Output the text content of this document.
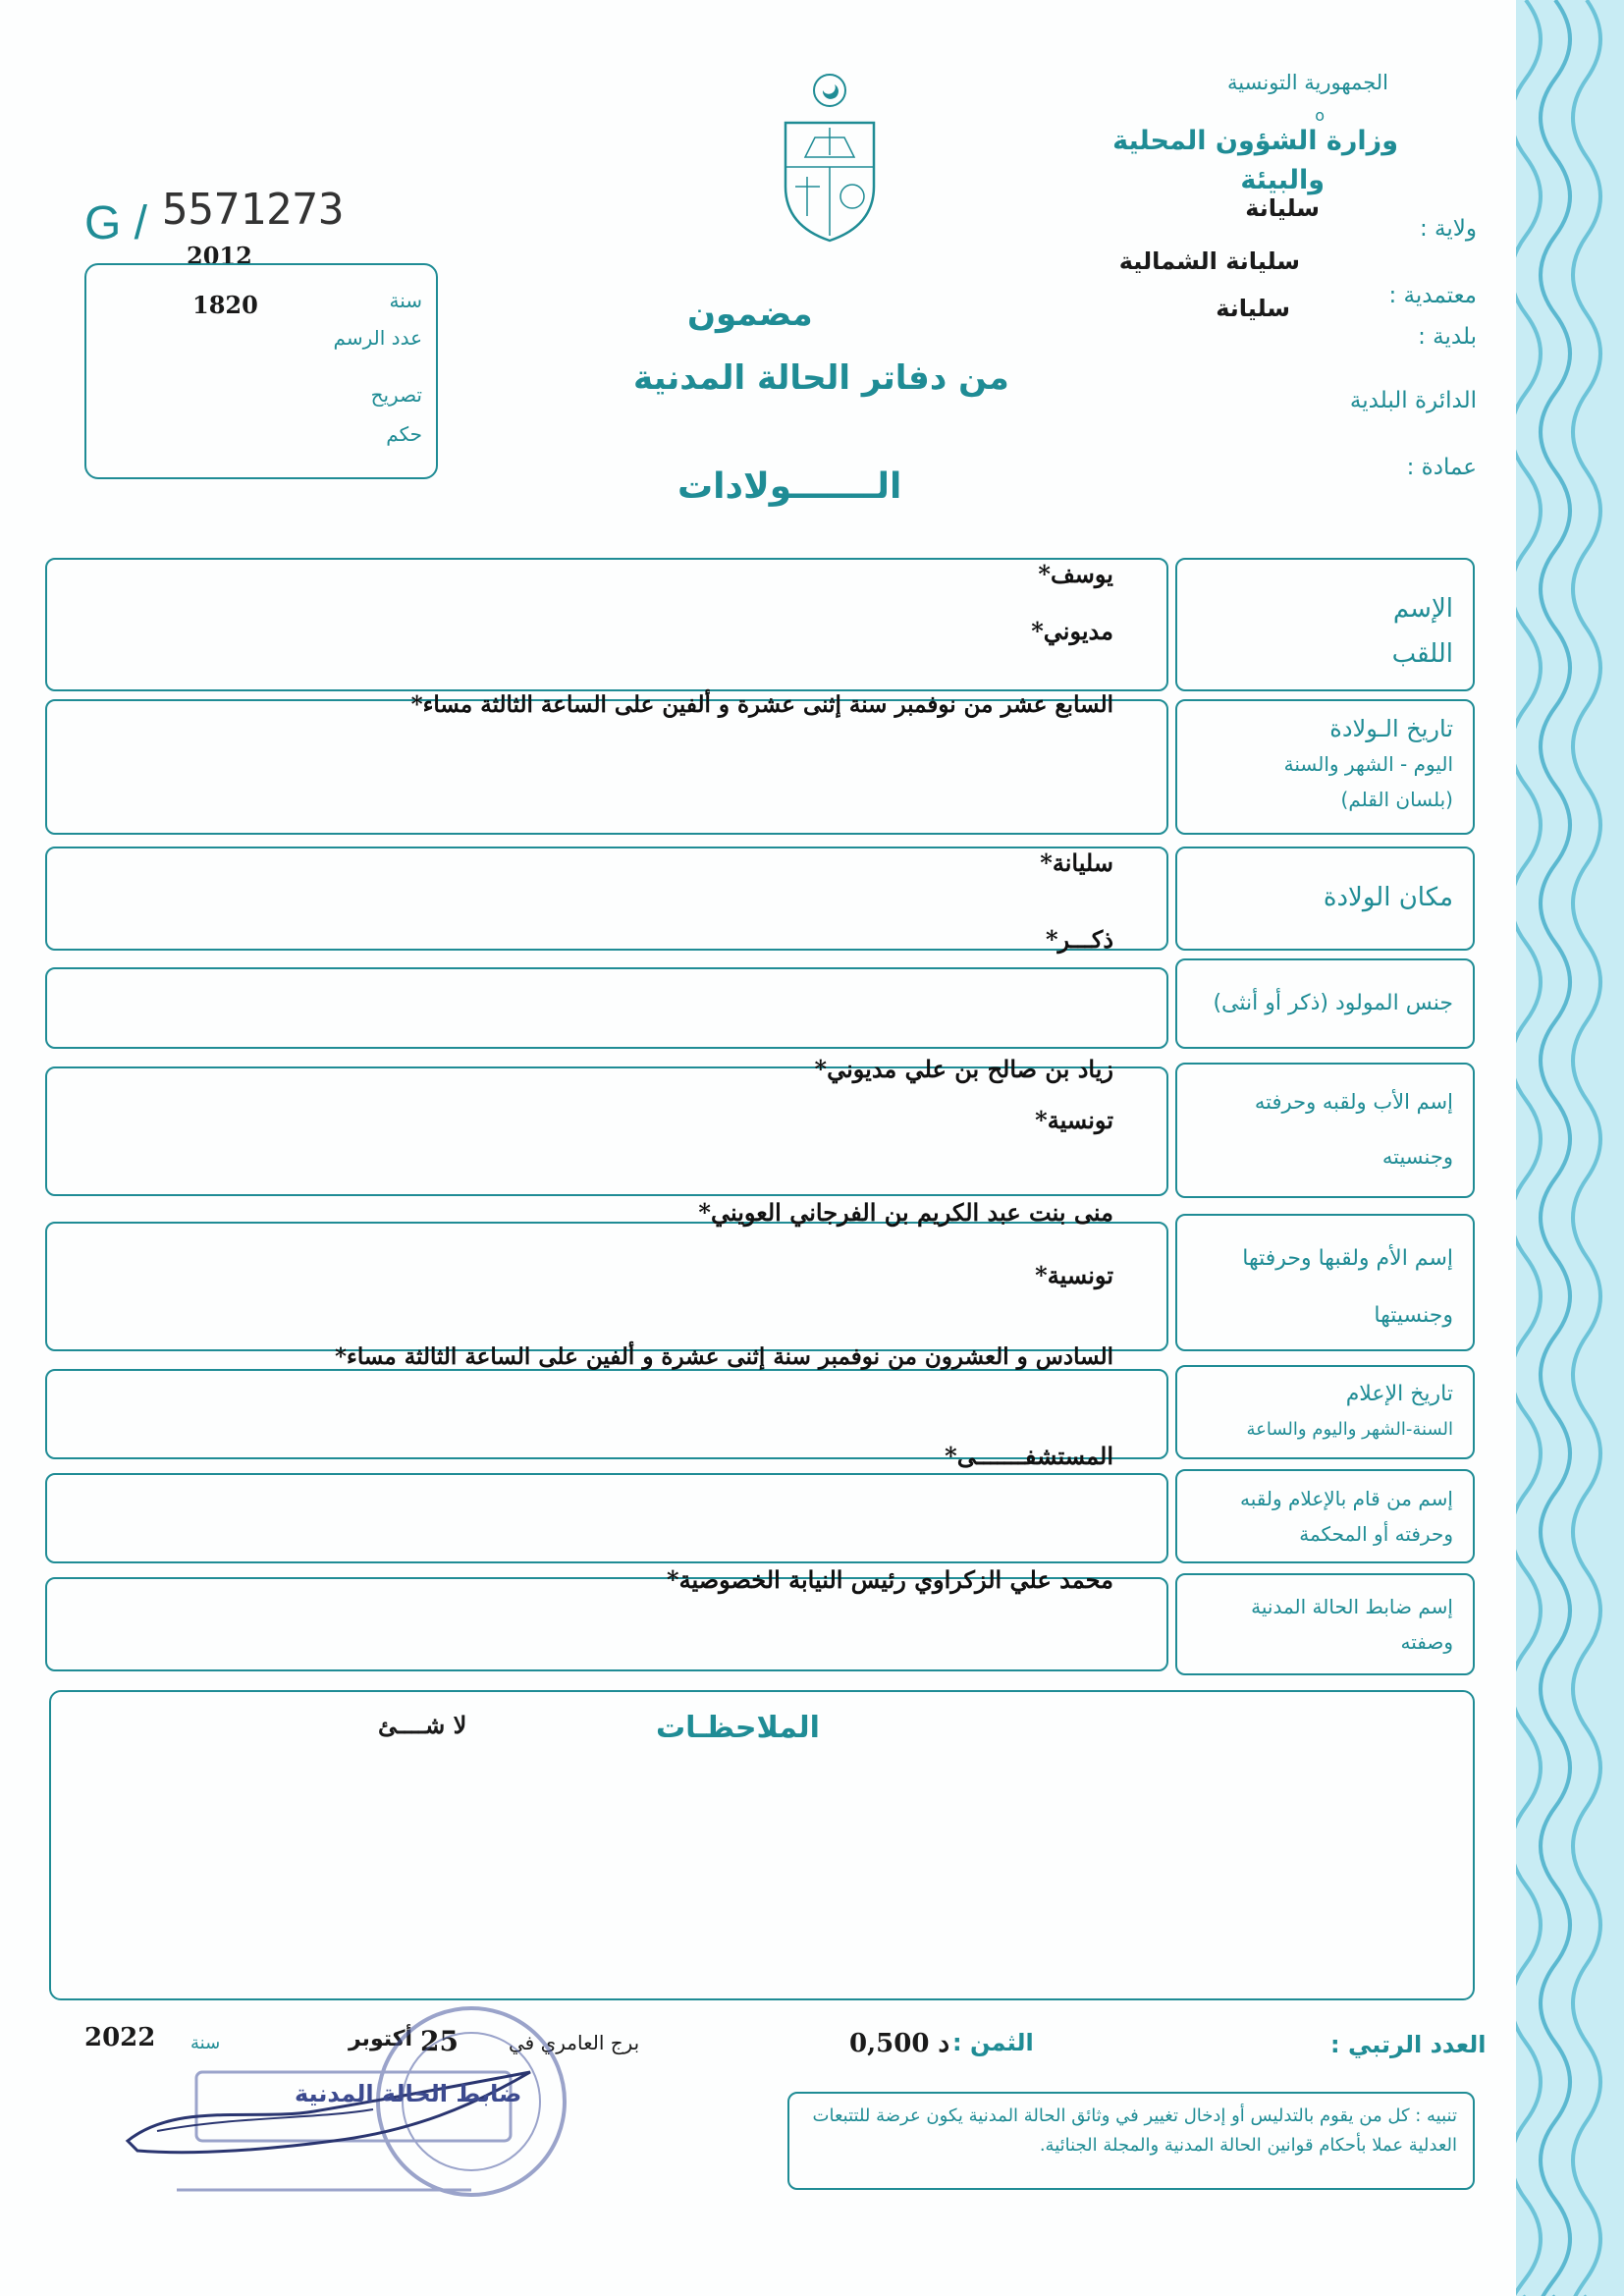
الجمهورية التونسية
o
وزارة الشؤون المحلية
والبيئة
ولاية :
سليانة
سليانة الشمالية
معتمدية :
سليانة
بلدية :
الدائرة البلدية
عمادة :
مضمون
من دفاتر الحالة المدنية
الـــــــولادات
G / 5571273
2012
سنة
1820
عدد الرسم
تصريح
حكم
الإسم
اللقب
يوسف*
مديوني*
تاريخ الـولادة
اليوم - الشهر والسنة
(بلسان القلم)
السابع عشر من نوفمبر سنة إثنى عشرة و ألفين على الساعة الثالثة مساء*
مكان الولادة
سليانة*
جنس المولود (ذكر أو أنثى)
ذكـــر*
إسم الأب ولقبه وحرفته
وجنسيته
زياد بن صالح بن علي مديوني*
تونسية*
إسم الأم ولقبها وحرفتها
وجنسيتها
منى بنت عبد الكريم بن الفرجاني العويني*
تونسية*
تاريخ الإعلام
السنة-الشهر واليوم والساعة
السادس و العشرون من نوفمبر سنة إثنى عشرة و ألفين على الساعة الثالثة مساء*
إسم من قام بالإعلام ولقبه
وحرفته أو المحكمة
المستشفـــــــى*
إسم ضابط الحالة المدنية
وصفته
محمد علي الزكراوي رئيس النيابة الخصوصية*
الملاحظـات
لا شــــئ
العدد الرتبي :
الثمن :
0,500 د
برج العامري في
25
أكتوبر
سنة
2022
ضابط الحالة المدنية
تنبيه : كل من يقوم بالتدليس أو إدخال تغيير في وثائق الحالة المدنية يكون عرضة للتتبعات العدلية عملا بأحكام قوانين الحالة المدنية والمجلة الجنائية.
